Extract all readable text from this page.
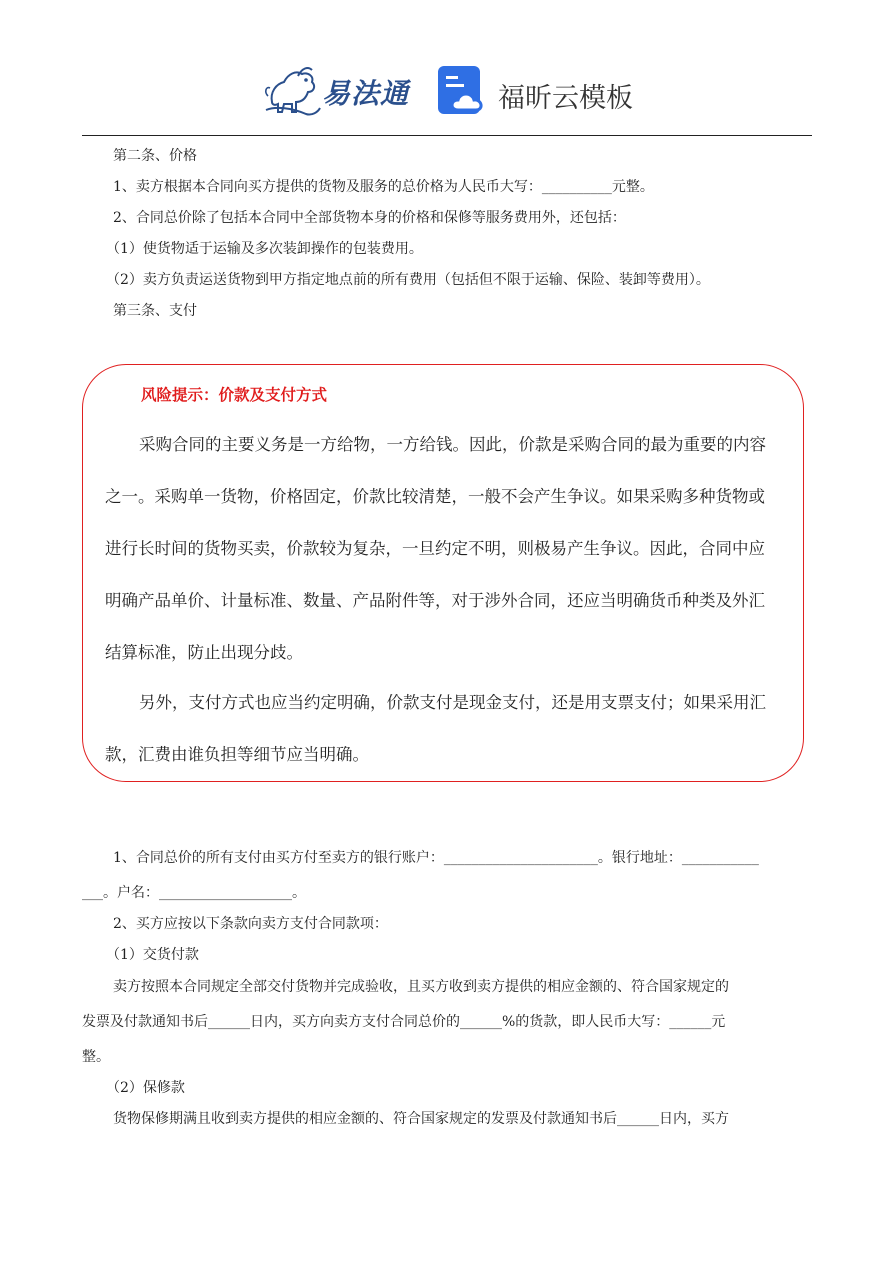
易法通	福昕云模板
第二条、价格
1、卖方根据本合同向买方提供的货物及服务的总价格为人民币大写：__________元整。
2、合同总价除了包括本合同中全部货物本身的价格和保修等服务费用外，还包括：
（1）使货物适于运输及多次装卸操作的包装费用。
（2）卖方负责运送货物到甲方指定地点前的所有费用（包括但不限于运输、保险、装卸等费用）。
第三条、支付
风险提示：价款及支付方式
采购合同的主要义务是一方给物，一方给钱。因此，价款是采购合同的最为重要的内容
之一。采购单一货物，价格固定，价款比较清楚，一般不会产生争议。如果采购多种货物或
进行长时间的货物买卖，价款较为复杂，一旦约定不明，则极易产生争议。因此，合同中应
明确产品单价、计量标准、数量、产品附件等，对于涉外合同，还应当明确货币种类及外汇
结算标准，防止出现分歧。
另外，支付方式也应当约定明确，价款支付是现金支付，还是用支票支付；如果采用汇
款，汇费由谁负担等细节应当明确。
1、合同总价的所有支付由买方付至卖方的银行账户：______________________。银行地址：___________
___。户名：___________________。
2、买方应按以下条款向卖方支付合同款项：
（1）交货付款
卖方按照本合同规定全部交付货物并完成验收，且买方收到卖方提供的相应金额的、符合国家规定的
发票及付款通知书后______日内，买方向卖方支付合同总价的______%的货款，即人民币大写：______元
整。
（2）保修款
货物保修期满且收到卖方提供的相应金额的、符合国家规定的发票及付款通知书后______日内，买方
